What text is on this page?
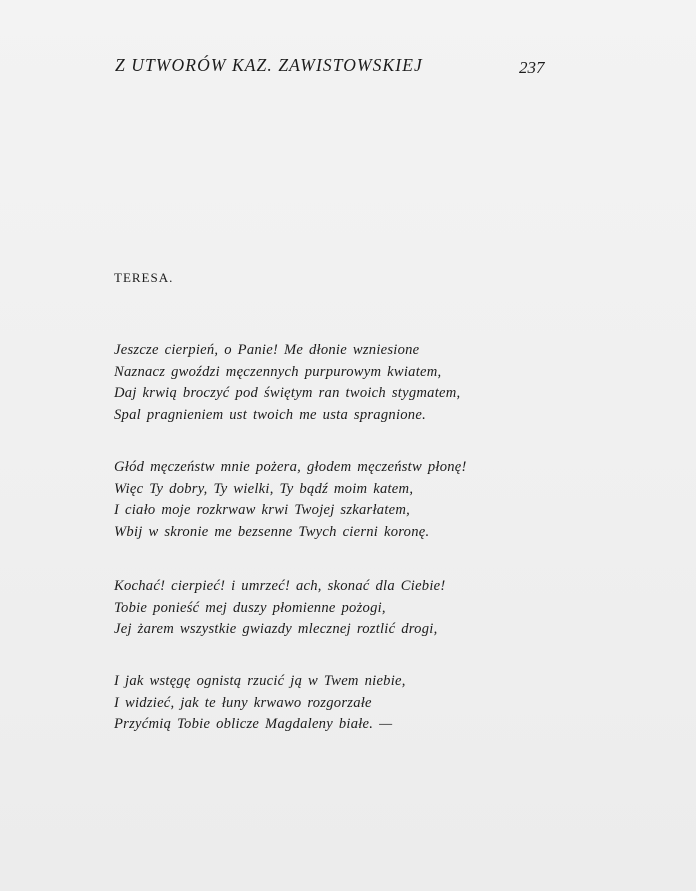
Z UTWORÓW KAZ. ZAWISTOWSKIEJ	237
TERESA.
Jeszcze cierpień, o Panie! Me dłonie wzniesione
Naznacz gwoździ męczennych purpurowym kwiatem,
Daj krwią broczyć pod świętym ran twoich stygmatem,
Spal pragnieniem ust twoich me usta spragnione.
Głód męczeństw mnie pożera, głodem męczeństw płonę!
Więc Ty dobry, Ty wielki, Ty bądź moim katem,
I ciało moje rozkrwaw krwi Twojej szkarłatem,
Wbij w skronie me bezsenne Twych cierni koronę.
Kochać! cierpieć! i umrzeć! ach, skonać dla Ciebie!
Tobie ponieść mej duszy płomienne pożogi,
Jej żarem wszystkie gwiazdy mlecznej roztlić drogi,
I jak wstęgę ognistą rzucić ją w Twem niebie,
I widzieć, jak te łuny krwawo rozgorzałe
Przyćmią Tobie oblicze Magdaleny białe. —
